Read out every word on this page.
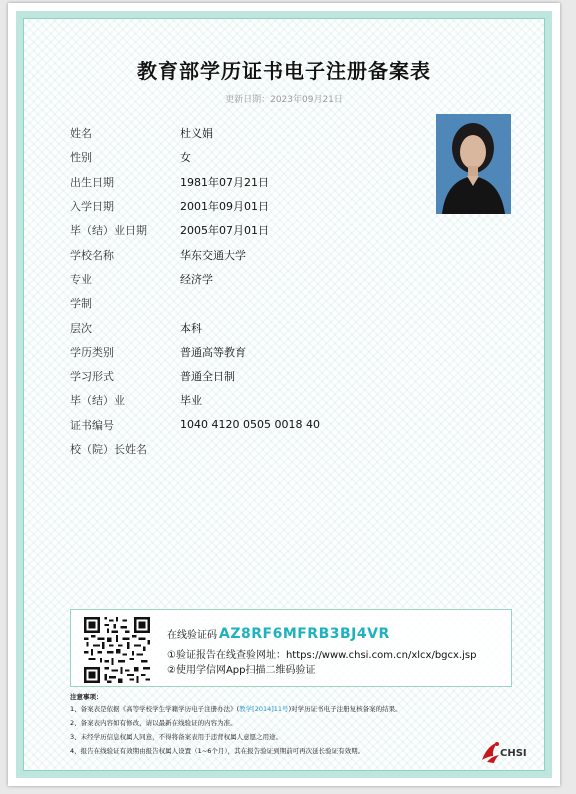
教育部学历证书电子注册备案表
更新日期：2023年09月21日
姓名	杜义娟
性别	女
出生日期	1981年07月21日
入学日期	2001年09月01日
毕（结）业日期	2005年07月01日
学校名称	华东交通大学
专业	经济学
学制
层次	本科
学历类别	普通高等教育
学习形式	普通全日制
毕（结）业	毕业
证书编号	1040 4120 0505 0018 40
校（院）长姓名
在线验证码 AZ8RF6MFRB3BJ4VR
①验证报告在线查验网址：https://www.chsi.com.cn/xlcx/bgcx.jsp
②使用学信网App扫描二维码验证
注意事项：
1、备案表是依据《高等学校学生学籍学历电子注册办法》(教学[2014]11号)对学历证书电子注册复核备案的结果。
2、备案表内容如有修改，请以最新在线验证的内容为准。
3、未经学历信息权属人同意，不得将备案表用于违背权属人意愿之用途。
4、报告在线验证有效期由报告权属人设置（1~6个月），其在报告验证到期前可再次延长验证有效期。	CHSI
